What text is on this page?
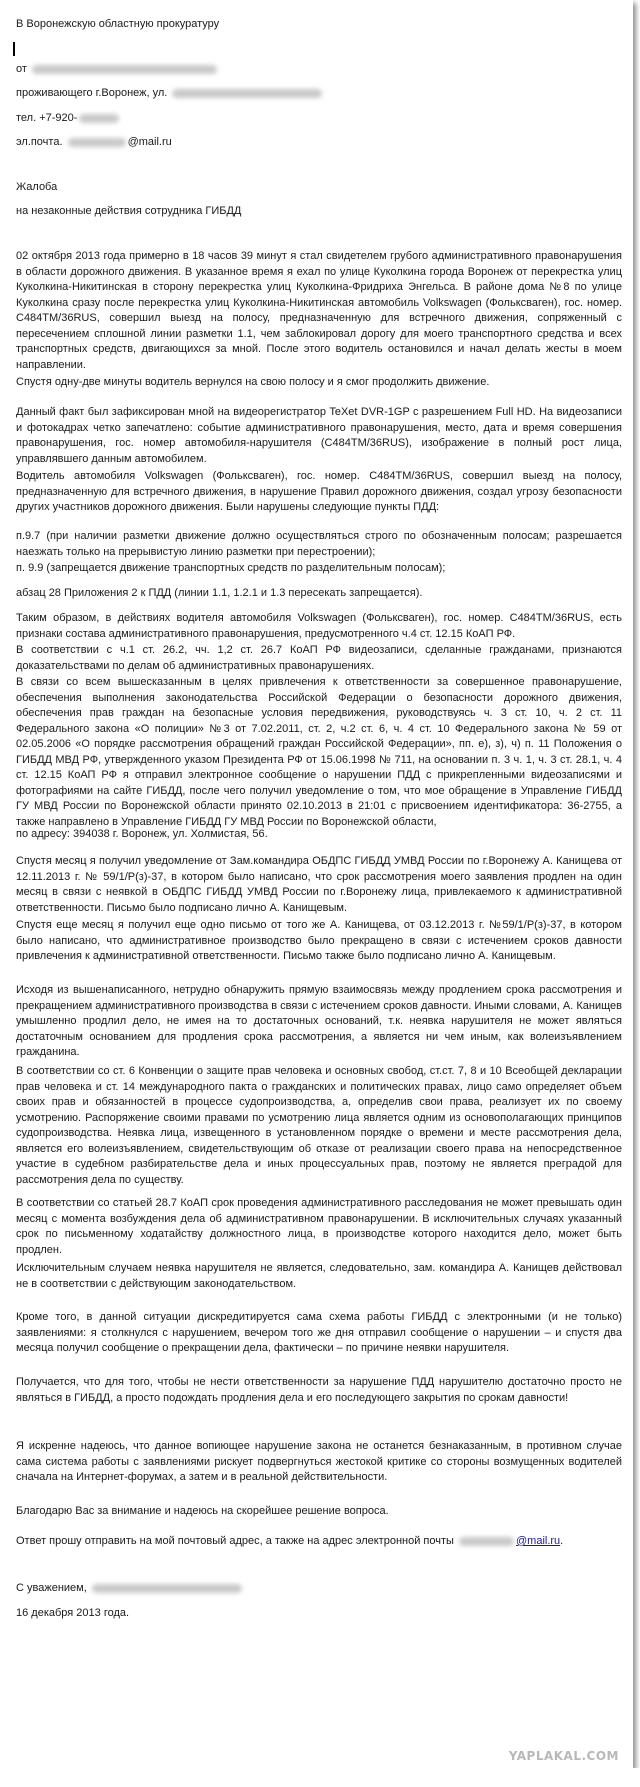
В Воронежскую областную прокуратуру
от
проживающего г.Воронеж, ул.
тел. +7-920-
эл.почта.	@mail.ru
Жалоба
на незаконные действия сотрудника ГИБДД
02 октября 2013 года примерно в 18 часов 39 минут я стал свидетелем грубого административного правонарушения в области дорожного движения. В указанное время я ехал по улице Куколкина города Воронеж от перекрестка улиц Куколкина-Никитинская в сторону перекрестка улиц Куколкина-Фридриха Энгельса. В районе дома №8 по улице Куколкина сразу после перекрестка улиц Куколкина-Никитинская автомобиль Volkswagen (Фольксваген), гос. номер. С484ТМ/36RUS, совершил выезд на полосу, предназначенную для встречного движения, сопряженный с пересечением сплошной линии разметки 1.1, чем заблокировал дорогу для моего транспортного средства и всех транспортных средств, двигающихся за мной. После этого водитель остановился и начал делать жесты в моем направлении.
Спустя одну-две минуты водитель вернулся на свою полосу и я смог продолжить движение.
Данный факт был зафиксирован мной на видеорегистратор TeXet DVR-1GP с разрешением Full HD. На видеозаписи и фотокадрах четко запечатлено: событие административного правонарушения, место, дата и время совершения правонарушения, гос. номер автомобиля-нарушителя (С484ТМ/36RUS), изображение в полный рост лица, управлявшего данным автомобилем.
Водитель автомобиля Volkswagen (Фольксваген), гос. номер. С484ТМ/36RUS, совершил выезд на полосу, предназначенную для встречного движения, в нарушение Правил дорожного движения, создал угрозу безопасности других участников дорожного движения. Были нарушены следующие пункты ПДД:
п.9.7 (при наличии разметки движение должно осуществляться строго по обозначенным полосам; разрешается наезжать только на прерывистую линию разметки при перестроении);
п. 9.9 (запрещается движение транспортных средств по разделительным полосам);
абзац 28 Приложения 2 к ПДД (линии 1.1, 1.2.1 и 1.3 пересекать запрещается).
Таким образом, в действиях водителя автомобиля Volkswagen (Фольксваген), гос. номер. С484ТМ/36RUS, есть признаки состава административного правонарушения, предусмотренного ч.4 ст. 12.15 КоАП РФ.
В соответствии с ч.1 ст. 26.2, чч. 1,2 ст. 26.7 КоАП РФ видеозаписи, сделанные гражданами, признаются доказательствами по делам об административных правонарушениях.
В связи со всем вышесказанным в целях привлечения к ответственности за совершенное правонарушение, обеспечения выполнения законодательства Российской Федерации о безопасности дорожного движения, обеспечения прав граждан на безопасные условия передвижения, руководствуясь ч. 3 ст. 10, ч. 2 ст. 11 Федерального закона «О полиции» №3 от 7.02.2011, ст. 2, ч.2 ст. 6, ч. 4 ст. 10 Федерального закона № 59 от 02.05.2006 «О порядке рассмотрения обращений граждан Российской Федерации», пп. е), з), ч) п. 11 Положения о ГИБДД МВД РФ, утвержденного указом Президента РФ от 15.06.1998 № 711, на основании п. 3 ч. 1, ч. 3 ст. 28.1, ч. 4 ст. 12.15 КоАП РФ я отправил электронное сообщение о нарушении ПДД с прикрепленными видеозаписями и фотографиями на сайте ГИБДД, после чего получил уведомление о том, что мое обращение в Управление ГИБДД ГУ МВД России по Воронежской области принято 02.10.2013 в 21:01 с присвоением идентификатора: 36-2755, а также направлено в Управление ГИБДД ГУ МВД России по Воронежской области,
по адресу: 394038 г. Воронеж, ул. Холмистая, 56.
Спустя месяц я получил уведомление от Зам.командира ОБДПС ГИБДД УМВД России по г.Воронежу А. Канищева от 12.11.2013 г. № 59/1/Р(з)-37, в котором было написано, что срок рассмотрения моего заявления продлен на один месяц в связи с неявкой в ОБДПС ГИБДД УМВД России по г.Воронежу лица, привлекаемого к административной ответственности. Письмо было подписано лично А. Канищевым.
Спустя еще месяц я получил еще одно письмо от того же А. Канищева, от 03.12.2013 г. №59/1/Р(з)-37, в котором было написано, что административное производство было прекращено в связи с истечением сроков давности привлечения к административной ответственности. Письмо также было подписано лично А. Канищевым.
Исходя из вышенаписанного, нетрудно обнаружить прямую взаимосвязь между продлением срока рассмотрения и прекращением административного производства в связи с истечением сроков давности. Иными словами, А. Канищев умышленно продлил дело, не имея на то достаточных оснований, т.к. неявка нарушителя не может являться достаточным основанием для продления срока рассмотрения, а является ни чем иным, как волеизъявлением гражданина.
В соответствии со ст. 6 Конвенции о защите прав человека и основных свобод, ст.ст. 7, 8 и 10 Всеобщей декларации прав человека и ст. 14 международного пакта о гражданских и политических правах, лицо само определяет объем своих прав и обязанностей в процессе судопроизводства, а, определив свои права, реализует их по своему усмотрению. Распоряжение своими правами по усмотрению лица является одним из основополагающих принципов судопроизводства. Неявка лица, извещенного в установленном порядке о времени и месте рассмотрения дела, является его волеизъявлением, свидетельствующим об отказе от реализации своего права на непосредственное участие в судебном разбирательстве дела и иных процессуальных прав, поэтому не является преградой для рассмотрения дела по существу.
В соответствии со статьей 28.7 КоАП срок проведения административного расследования не может превышать один месяц с момента возбуждения дела об административном правонарушении. В исключительных случаях указанный срок по письменному ходатайству должностного лица, в производстве которого находится дело, может быть продлен.
Исключительным случаем неявка нарушителя не является, следовательно, зам. командира А. Канищев действовал не в соответствии с действующим законодательством.
Кроме того, в данной ситуации дискредитируется сама схема работы ГИБДД с электронными (и не только) заявлениями: я столкнулся с нарушением, вечером того же дня отправил сообщение о нарушении – и спустя два месяца получил сообщение о прекращении дела, фактически – по причине неявки нарушителя.
Получается, что для того, чтобы не нести ответственности за нарушение ПДД нарушителю достаточно просто не являться в ГИБДД, а просто подождать продления дела и его последующего закрытия по срокам давности!
Я искренне надеюсь, что данное вопиющее нарушение закона не останется безнаказанным, в противном случае сама система работы с заявлениями рискует подвергнуться жестокой критике со стороны возмущенных водителей сначала на Интернет-форумах, а затем и в реальной действительности.
Благодарю Вас за внимание и надеюсь на скорейшее решение вопроса.
Ответ прошу отправить на мой почтовый адрес, а также на адрес электронной почты	@mail.ru.
С уважением,
16 декабря 2013 года.
YAPLAKAL.COM
